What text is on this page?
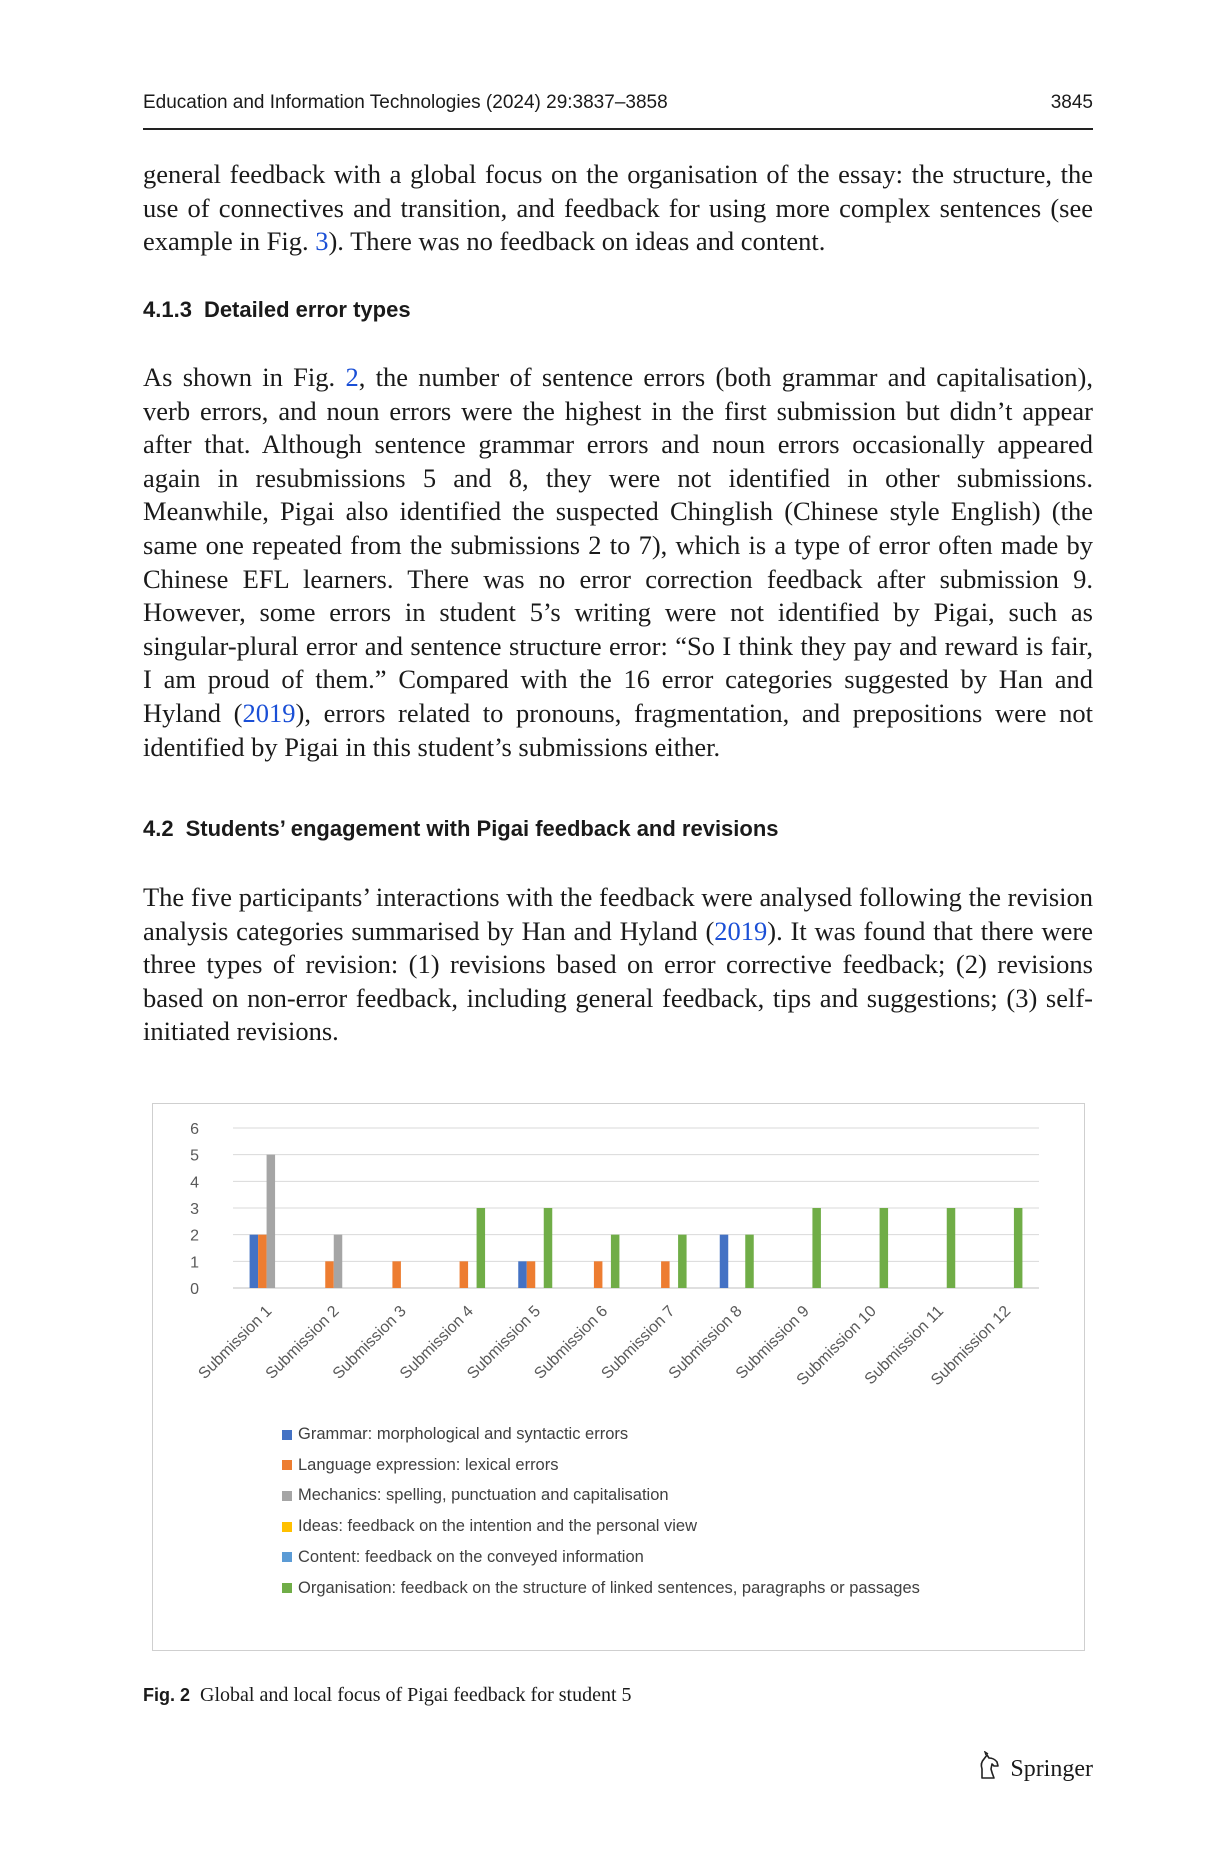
Education and Information Technologies (2024) 29:3837–3858	3845

general feedback with a global focus on the organisation of the essay: the structure, the use of connectives and transition, and feedback for using more complex sentences (see example in Fig. 3). There was no feedback on ideas and content.

4.1.3 Detailed error types

As shown in Fig. 2, the number of sentence errors (both grammar and capitalisation), verb errors, and noun errors were the highest in the first submission but didn’t appear after that. Although sentence grammar errors and noun errors occasionally appeared again in resubmissions 5 and 8, they were not identified in other submissions. Meanwhile, Pigai also identified the suspected Chinglish (Chinese style English) (the same one repeated from the submissions 2 to 7), which is a type of error often made by Chinese EFL learners. There was no error correction feedback after submission 9. However, some errors in student 5’s writing were not identified by Pigai, such as singular-plural error and sentence structure error: “So I think they pay and reward is fair, I am proud of them.” Compared with the 16 error categories suggested by Han and Hyland (2019), errors related to pronouns, fragmentation, and prepositions were not identified by Pigai in this student’s submissions either.

4.2 Students’ engagement with Pigai feedback and revisions

The five participants’ interactions with the feedback were analysed following the revision analysis categories summarised by Han and Hyland (2019). It was found that there were three types of revision: (1) revisions based on error corrective feedback; (2) revisions based on non-error feedback, including general feedback, tips and suggestions; (3) self-initiated revisions.

0
1
2
3
4
5
6
Submission 1
Submission 2
Submission 3
Submission 4
Submission 5
Submission 6
Submission 7
Submission 8
Submission 9
Submission 10
Submission 11
Submission 12
Grammar: morphological and syntactic errors
Language expression: lexical errors
Mechanics: spelling, punctuation and capitalisation
Ideas: feedback on the intention and the personal view
Content: feedback on the conveyed information
Organisation: feedback on the structure of linked sentences, paragraphs or passages
Fig. 2 Global and local focus of Pigai feedback for student 5
Springer
